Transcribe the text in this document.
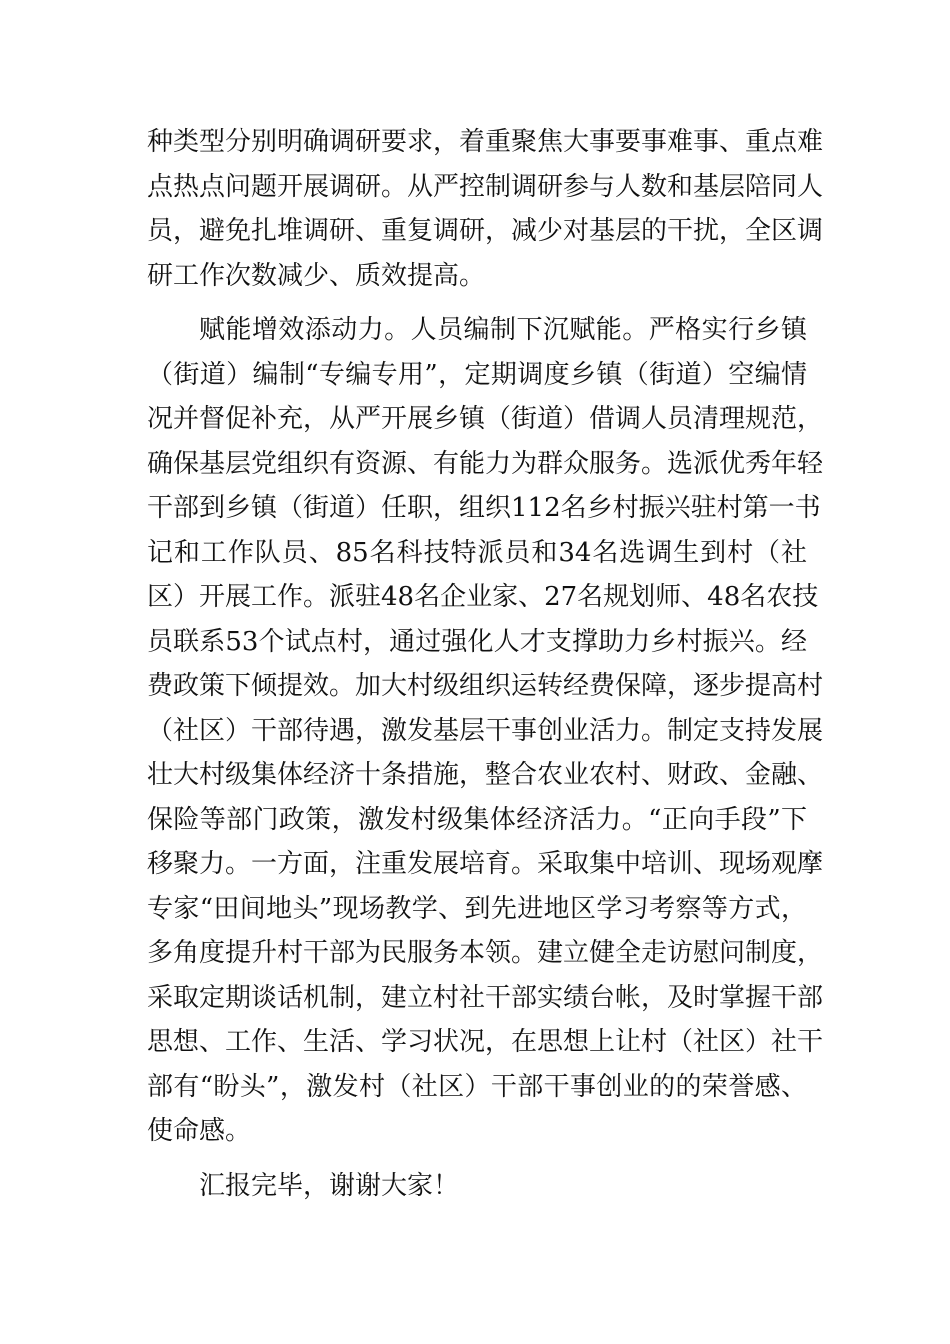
种类型分别明确调研要求，着重聚焦大事要事难事、重点难
点热点问题开展调研。从严控制调研参与人数和基层陪同人
员，避免扎堆调研、重复调研，减少对基层的干扰，全区调
研工作次数减少、质效提高。
赋能增效添动力。人员编制下沉赋能。严格实行乡镇
（街道）编制“专编专用”，定期调度乡镇（街道）空编情
况并督促补充，从严开展乡镇（街道）借调人员清理规范，
确保基层党组织有资源、有能力为群众服务。选派优秀年轻
干部到乡镇（街道）任职，组织112名乡村振兴驻村第一书
记和工作队员、85名科技特派员和34名选调生到村（社
区）开展工作。派驻48名企业家、27名规划师、48名农技
员联系53个试点村，通过强化人才支撑助力乡村振兴。经
费政策下倾提效。加大村级组织运转经费保障，逐步提高村
（社区）干部待遇，激发基层干事创业活力。制定支持发展
壮大村级集体经济十条措施，整合农业农村、财政、金融、
保险等部门政策，激发村级集体经济活力。“正向手段”下
移聚力。一方面，注重发展培育。采取集中培训、现场观摩
专家“田间地头”现场教学、到先进地区学习考察等方式，
多角度提升村干部为民服务本领。建立健全走访慰问制度，
采取定期谈话机制，建立村社干部实绩台帐，及时掌握干部
思想、工作、生活、学习状况，在思想上让村（社区）社干
部有“盼头”，激发村（社区）干部干事创业的的荣誉感、
使命感。
汇报完毕，谢谢大家！
